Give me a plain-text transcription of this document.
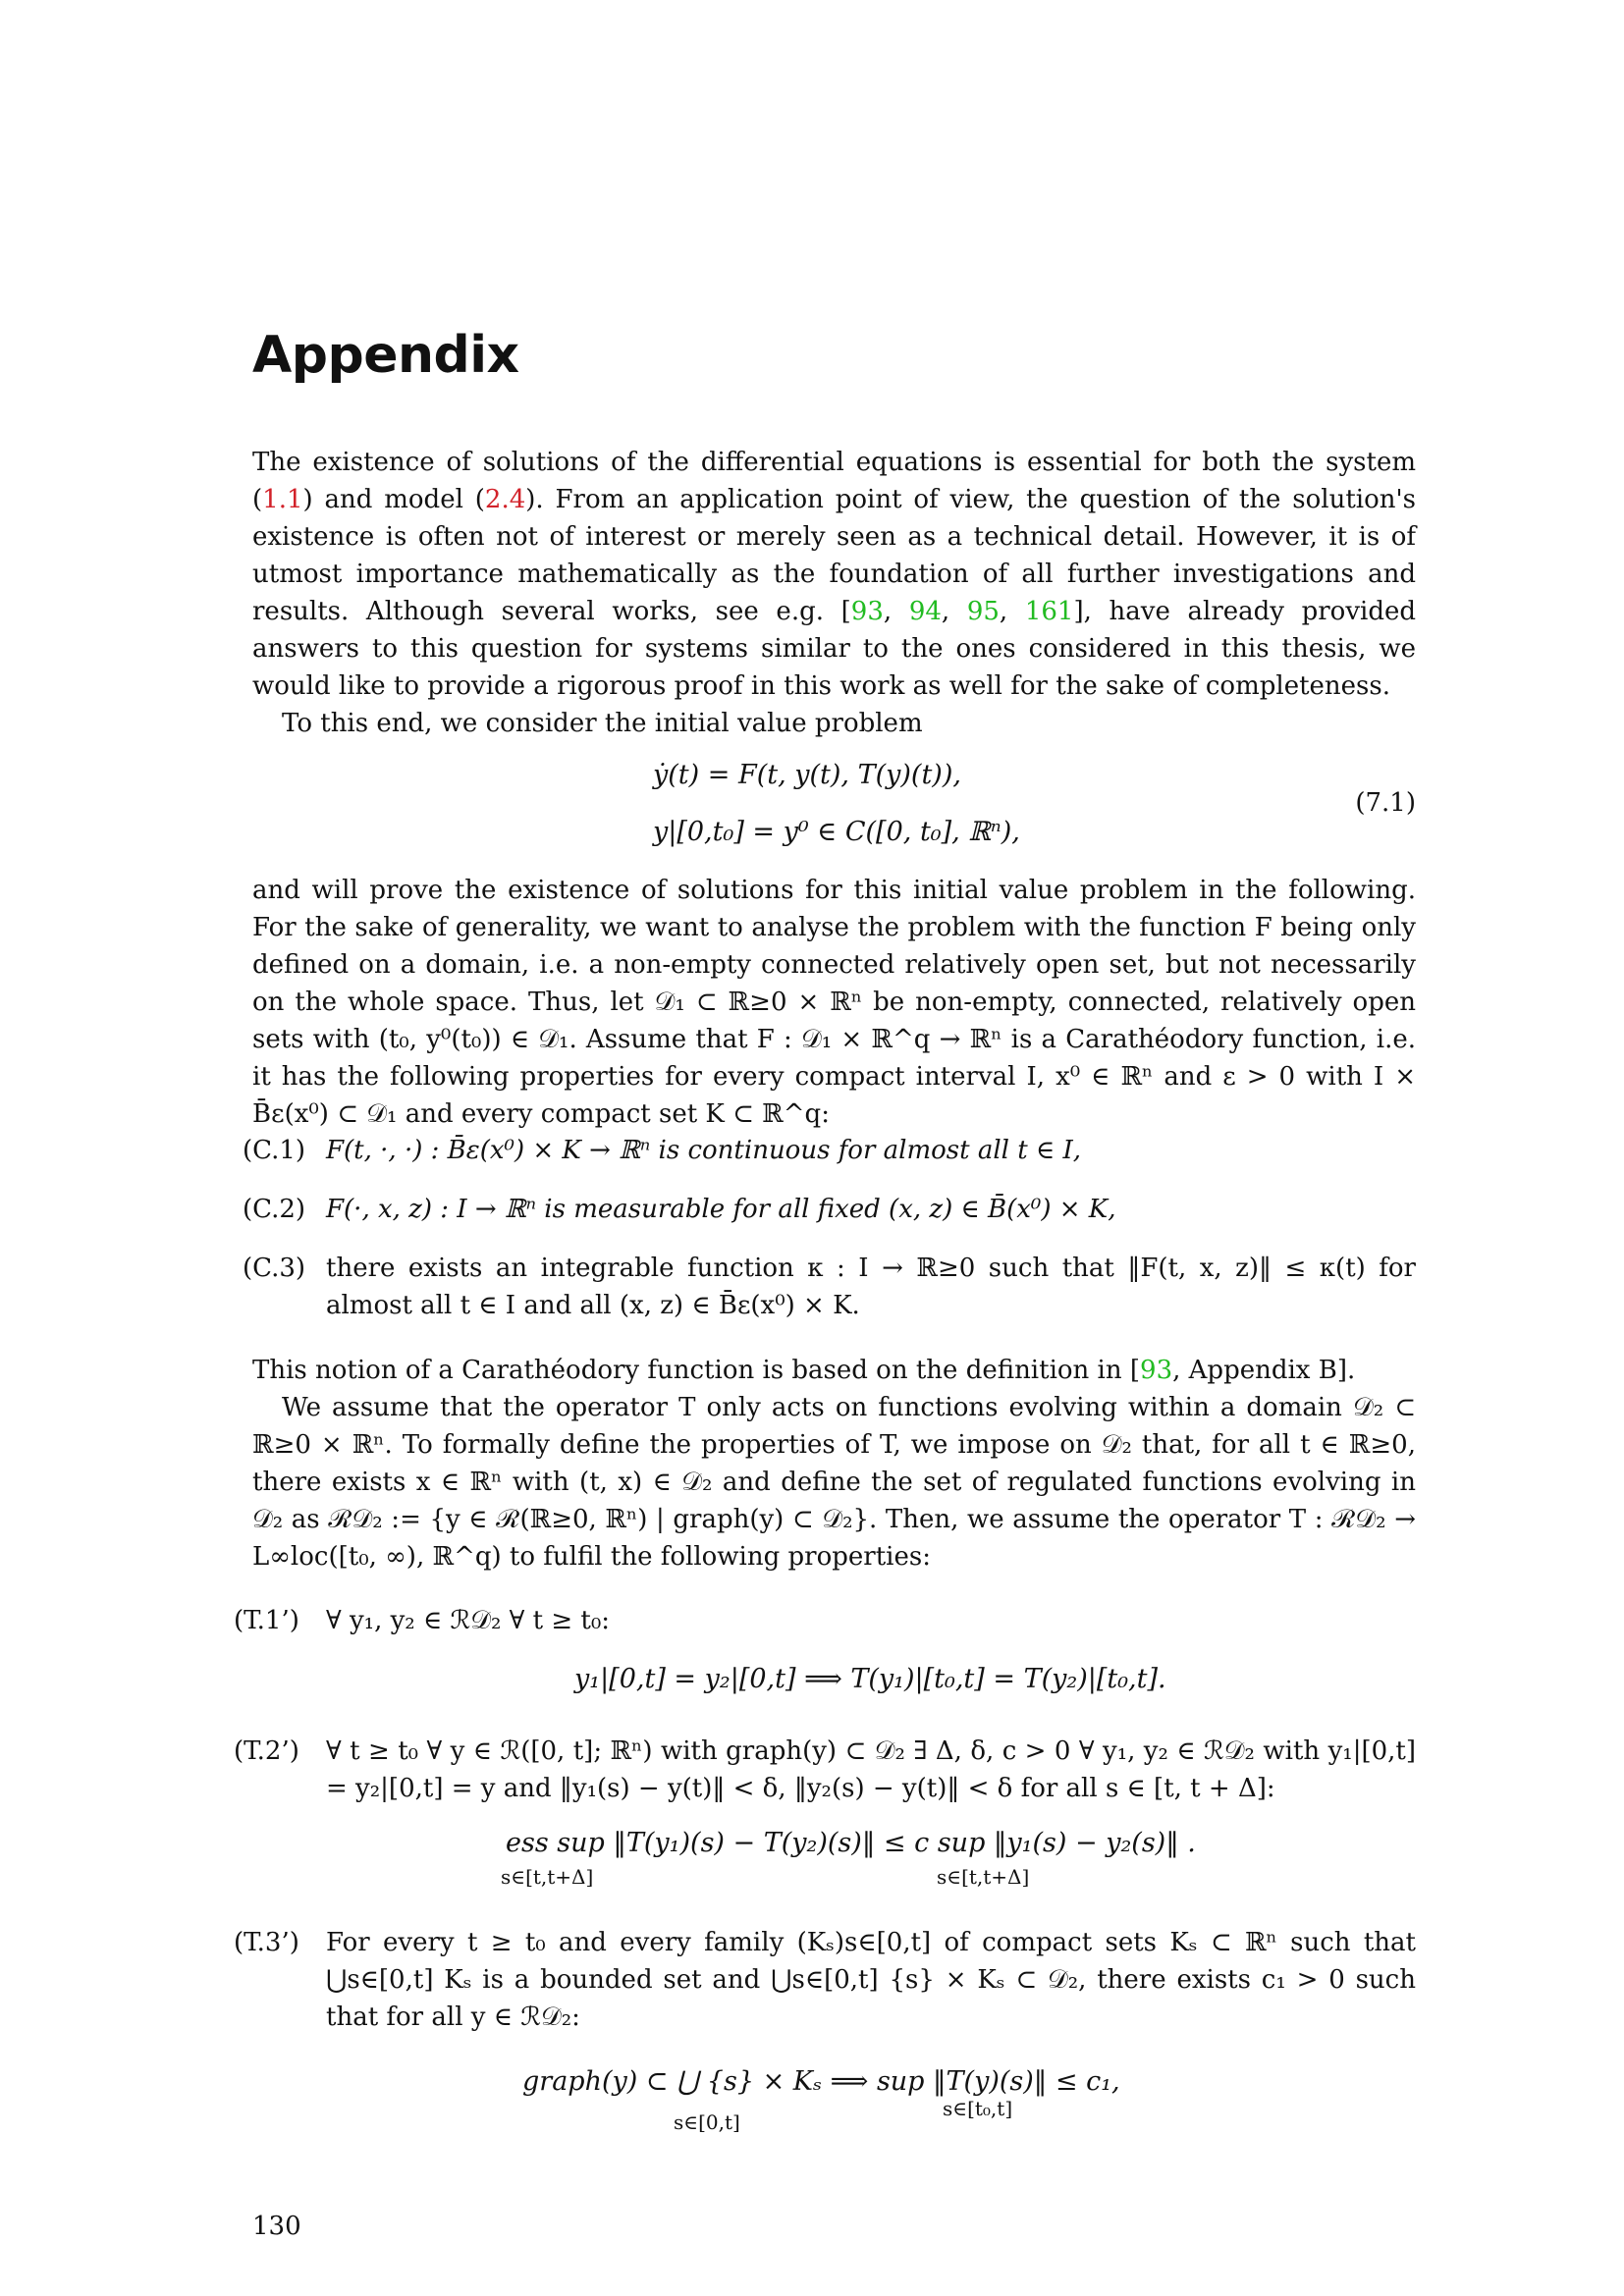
Appendix
The existence of solutions of the differential equations is essential for both the system (1.1) and model (2.4). From an application point of view, the question of the solution's existence is often not of interest or merely seen as a technical detail. However, it is of utmost importance mathematically as the foundation of all further investigations and results. Although several works, see e.g. [93, 94, 95, 161], have already provided answers to this question for systems similar to the ones considered in this thesis, we would like to provide a rigorous proof in this work as well for the sake of completeness.
To this end, we consider the initial value problem
ẏ(t) = F(t, y(t), T(y)(t)),
y|[0,t₀] = y⁰ ∈ C([0, t₀], ℝⁿ),
(7.1)
and will prove the existence of solutions for this initial value problem in the following. For the sake of generality, we want to analyse the problem with the function F being only defined on a domain, i.e. a non-empty connected relatively open set, but not necessarily on the whole space. Thus, let 𝒟₁ ⊂ ℝ≥0 × ℝⁿ be non-empty, connected, relatively open sets with (t₀, y⁰(t₀)) ∈ 𝒟₁. Assume that F : 𝒟₁ × ℝ^q → ℝⁿ is a Carathéodory function, i.e. it has the following properties for every compact interval I, x⁰ ∈ ℝⁿ and ε > 0 with I × B̄ε(x⁰) ⊂ 𝒟₁ and every compact set K ⊂ ℝ^q:
(C.1) F(t, ·, ·) : B̄ε(x⁰) × K → ℝⁿ is continuous for almost all t ∈ I,
(C.2) F(·, x, z) : I → ℝⁿ is measurable for all fixed (x, z) ∈ B̄(x⁰) × K,
(C.3) there exists an integrable function κ : I → ℝ≥0 such that ‖F(t, x, z)‖ ≤ κ(t) for almost all t ∈ I and all (x, z) ∈ B̄ε(x⁰) × K.
This notion of a Carathéodory function is based on the definition in [93, Appendix B].
We assume that the operator T only acts on functions evolving within a domain 𝒟₂ ⊂ ℝ≥0 × ℝⁿ. To formally define the properties of T, we impose on 𝒟₂ that, for all t ∈ ℝ≥0, there exists x ∈ ℝⁿ with (t, x) ∈ 𝒟₂ and define the set of regulated functions evolving in 𝒟₂ as ℛ𝒟₂ := {y ∈ ℛ(ℝ≥0, ℝⁿ) | graph(y) ⊂ 𝒟₂}. Then, we assume the operator T : ℛ𝒟₂ → L∞loc([t₀, ∞), ℝ^q) to fulfil the following properties:
(T.1’) ∀ y₁, y₂ ∈ ℛ𝒟₂ ∀ t ≥ t₀:
y₁|[0,t] = y₂|[0,t] ⟹ T(y₁)|[t₀,t] = T(y₂)|[t₀,t].
(T.2’) ∀ t ≥ t₀ ∀ y ∈ ℛ([0, t]; ℝⁿ) with graph(y) ⊂ 𝒟₂ ∃ Δ, δ, c > 0 ∀ y₁, y₂ ∈ ℛ𝒟₂ with y₁|[0,t] = y₂|[0,t] = y and ‖y₁(s) − y(t)‖ < δ, ‖y₂(s) − y(t)‖ < δ for all s ∈ [t, t + Δ]:
ess sup ‖T(y₁)(s) − T(y₂)(s)‖ ≤ c sup ‖y₁(s) − y₂(s)‖ .
s∈[t,t+Δ]	s∈[t,t+Δ]
(T.3’) For every t ≥ t₀ and every family (Kₛ)s∈[0,t] of compact sets Kₛ ⊂ ℝⁿ such that ⋃s∈[0,t] Kₛ is a bounded set and ⋃s∈[0,t] {s} × Kₛ ⊂ 𝒟₂, there exists c₁ > 0 such that for all y ∈ ℛ𝒟₂:
graph(y) ⊂ ⋃ {s} × Kₛ ⟹ sup ‖T(y)(s)‖ ≤ c₁,
s∈[0,t]
s∈[t₀,t]
130
